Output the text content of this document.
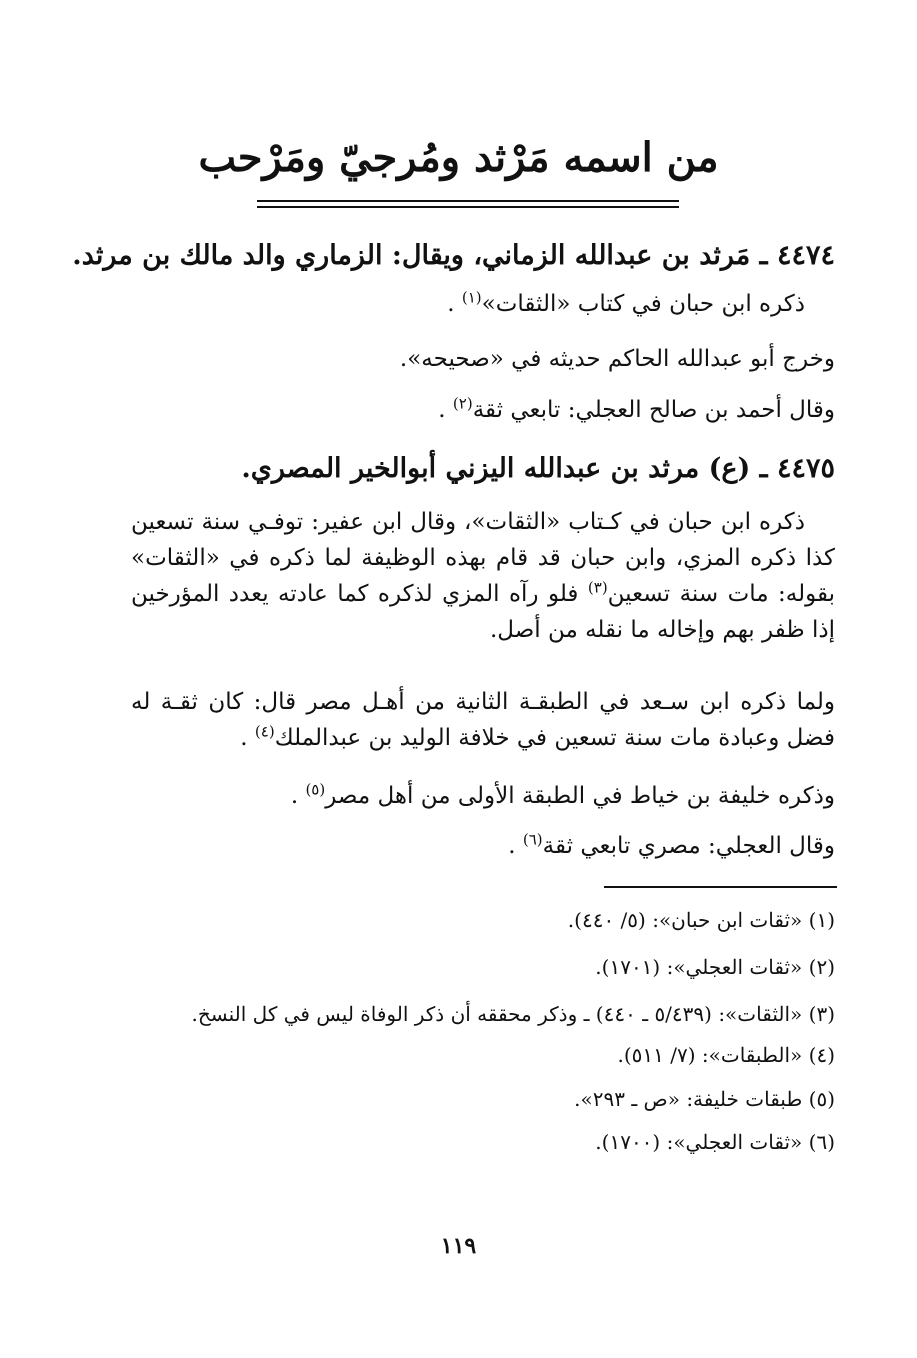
من اسمه مَرْثد ومُرجيّ ومَرْحب
٤٤٧٤ ـ مَرثد بن عبدالله الزماني، ويقال: الزماري والد مالك بن مرثد.
ذكره ابن حبان في كتاب «الثقات»$^{(١)}$ .
وخرج أبو عبدالله الحاكم حديثه في «صحيحه».
وقال أحمد بن صالح العجلي: تابعي ثقة$^{(٢)}$ .
٤٤٧٥ ـ (ع) مرثد بن عبدالله اليزني أبوالخير المصري.
ذكره ابن حبان في كـتاب «الثقات»، وقال ابن عفير: توفـي سنة تسعين كذا ذكره المزي، وابن حبان قد قام بهذه الوظيفة لما ذكره في «الثقات» بقوله: مات سنة تسعين$^{(٣)}$ فلو رآه المزي لذكره كما عادته يعدد المؤرخين إذا ظفر بهم وإخاله ما نقله من أصل.
ولما ذكره ابن سـعد في الطبقـة الثانية من أهـل مصر قال: كان ثقـة له فضل وعبادة مات سنة تسعين في خلافة الوليد بن عبدالملك$^{(٤)}$ .
وذكره خليفة بن خياط في الطبقة الأولى من أهل مصر$^{(٥)}$ .
وقال العجلي: مصري تابعي ثقة$^{(٦)}$ .
(١) «ثقات ابن حبان»: (٥/ ٤٤٠).
(٢) «ثقات العجلي»: (١٧٠١).
(٣) «الثقات»: (٥/٤٣٩ ـ ٤٤٠) ـ وذكر محققه أن ذكر الوفاة ليس في كل النسخ.
(٤) «الطبقات»: (٧/ ٥١١).
(٥) طبقات خليفة: «ص ـ ٢٩٣».
(٦) «ثقات العجلي»: (١٧٠٠).
١١٩
